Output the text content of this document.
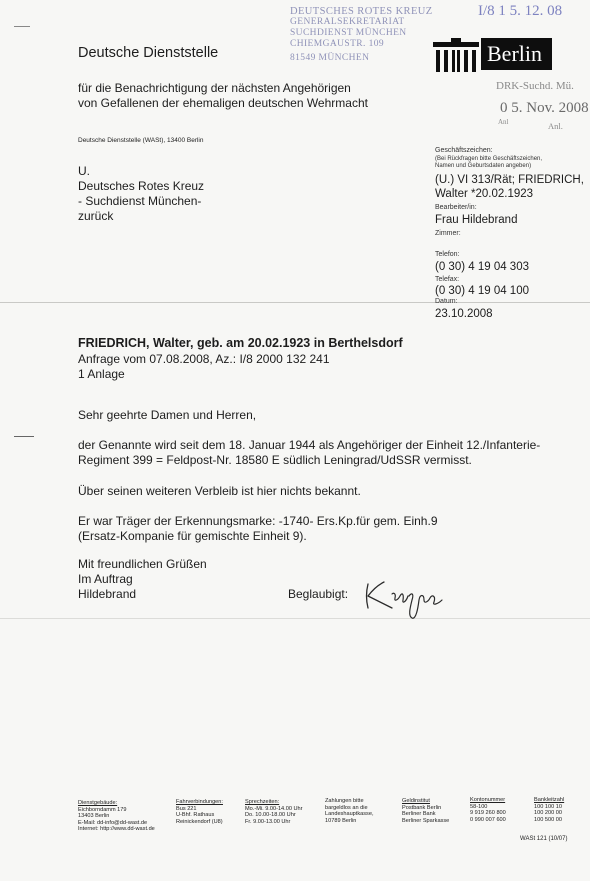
DEUTSCHES ROTES KREUZ
GENERALSEKRETARIAT
SUCHDIENST MÜNCHEN
CHIEMGAUSTR. 109
81549 MÜNCHEN
I/8 1 5. 12. 08
Berlin
DRK-Suchd. Mü.
0 5. Nov. 2008
Anl	Anl.
Deutsche Dienststelle
für die Benachrichtigung der nächsten Angehörigen
von Gefallenen der ehemaligen deutschen Wehrmacht
Deutsche Dienststelle (WASt), 13400 Berlin
U.
Deutsches Rotes Kreuz
- Suchdienst München-
zurück
Geschäftszeichen:
(Bei Rückfragen bitte Geschäftszeichen,
Namen und Geburtsdaten angeben)
(U.) VI 313/Rät; FRIEDRICH,
Walter *20.02.1923
Bearbeiter/in:
Frau Hildebrand
Zimmer:
Telefon:
(0 30) 4 19 04 303
Telefax:
(0 30) 4 19 04 100
Datum:
23.10.2008
FRIEDRICH, Walter, geb. am 20.02.1923 in Berthelsdorf
Anfrage vom 07.08.2008, Az.: I/8 2000 132 241
1 Anlage
Sehr geehrte Damen und Herren,
der Genannte wird seit dem 18. Januar 1944 als Angehöriger der Einheit 12./Infanterie-
Regiment 399 = Feldpost-Nr. 18580 E südlich Leningrad/UdSSR vermisst.
Über seinen weiteren Verbleib ist hier nichts bekannt.
Er war Träger der Erkennungsmarke: -1740- Ers.Kp.für gem. Einh.9
(Ersatz-Kompanie für gemischte Einheit 9).
Mit freundlichen Grüßen
Im Auftrag
Hildebrand	Beglaubigt:
Dienstgebäude:
Eichborndamm 179
13403 Berlin
E-Mail: dd-info@dd-wast.de
Internet: http://www.dd-wast.de
Fahrverbindungen:
Bus 221
U-Bhf. Rathaus
Reinickendorf (U8)
Sprechzeiten:
Mo.-Mi. 9.00-14.00 Uhr
Do. 10.00-18.00 Uhr
Fr. 9.00-13.00 Uhr
Zahlungen bitte
bargeldlos an die
Landeshauptkasse,
10789 Berlin
Geldinstitut
Postbank Berlin
Berliner Bank
Berliner Sparkasse
Kontonummer
58-100
9 919 260 800
0 990 007 600
Bankleitzahl
100 100 10
100 200 00
100 500 00
WASt 121 (10/07)
